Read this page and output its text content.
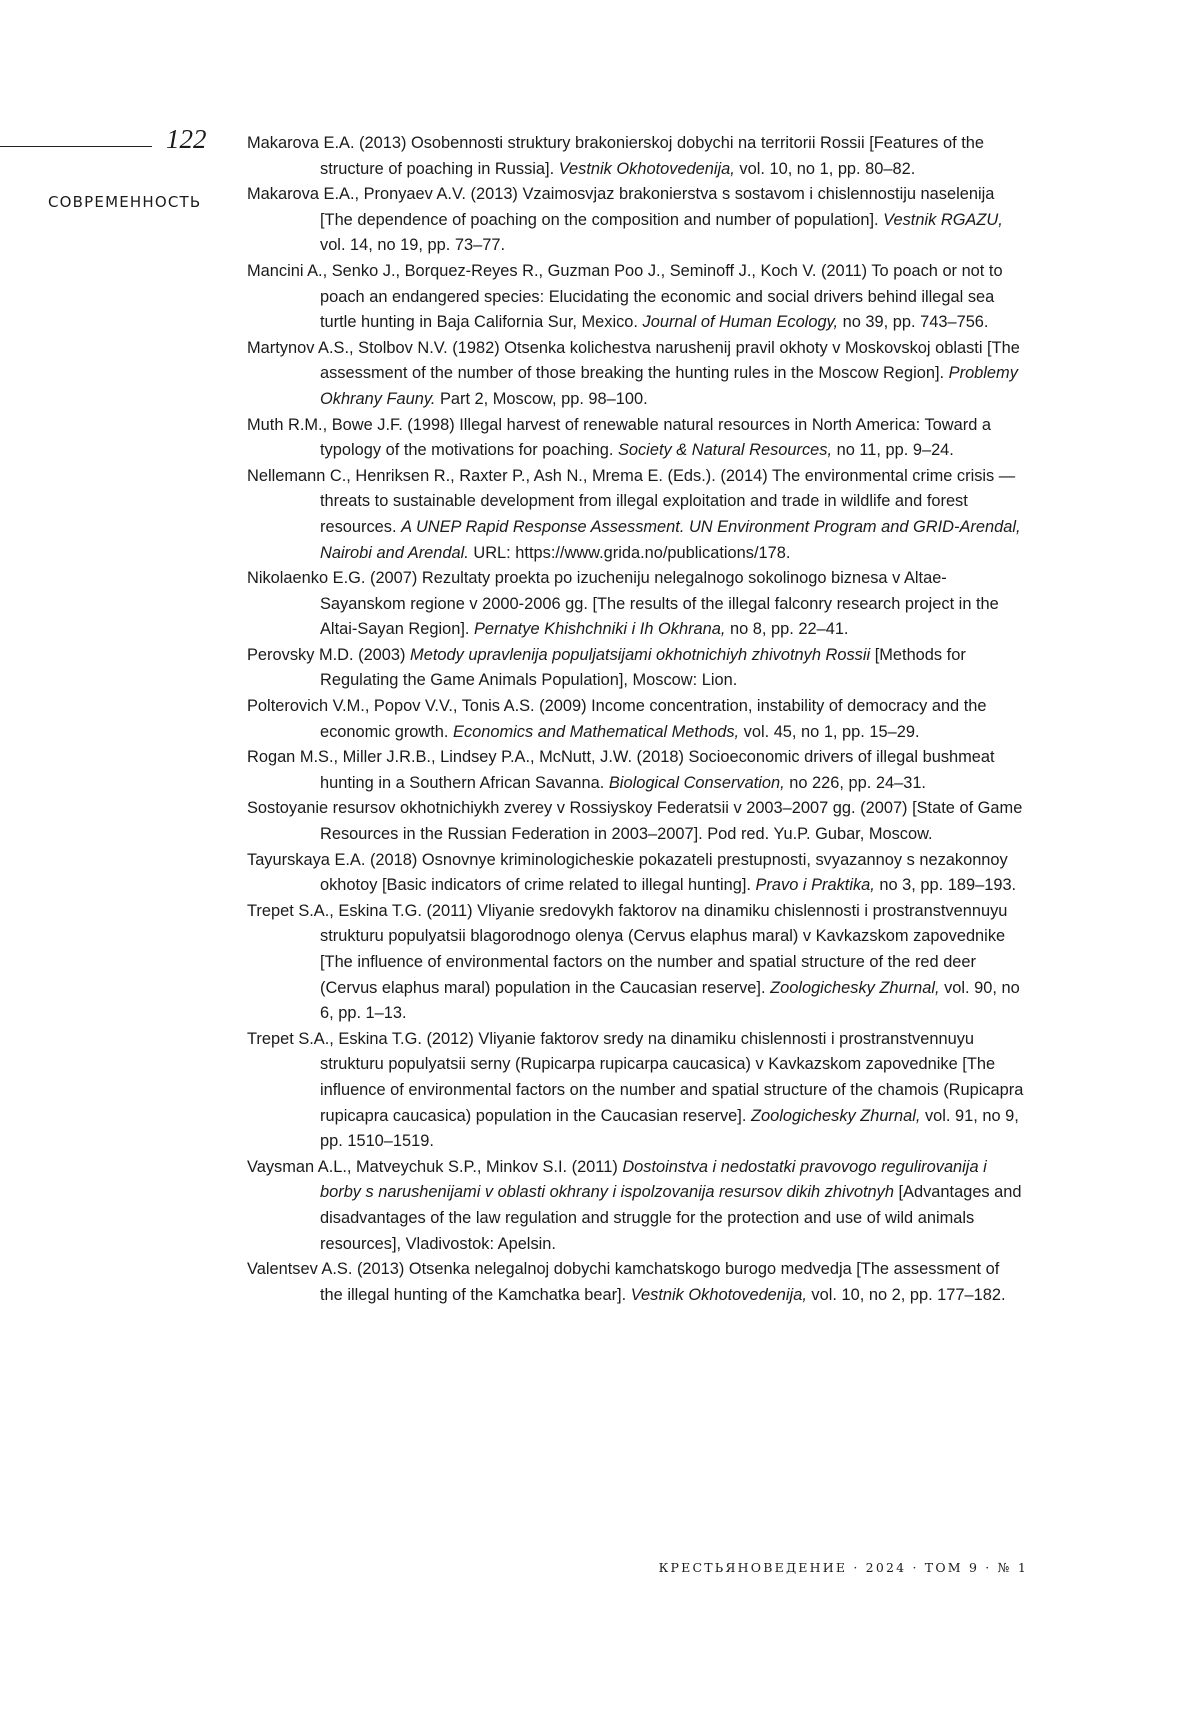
122
СОВРЕМЕННОСТЬ
Makarova E.A. (2013) Osobennosti struktury brakonierskoj dobychi na territorii Rossii [Features of the structure of poaching in Russia]. Vestnik Okhotovedenija, vol. 10, no 1, pp. 80–82.
Makarova E.A., Pronyaev A.V. (2013) Vzaimosvjaz brakonierstva s sostavom i chislennostiju naselenija [The dependence of poaching on the composition and number of population]. Vestnik RGAZU, vol. 14, no 19, pp. 73–77.
Mancini A., Senko J., Borquez-Reyes R., Guzman Poo J., Seminoff J., Koch V. (2011) To poach or not to poach an endangered species: Elucidating the economic and social drivers behind illegal sea turtle hunting in Baja California Sur, Mexico. Journal of Human Ecology, no 39, pp. 743–756.
Martynov A.S., Stolbov N.V. (1982) Otsenka kolichestva narushenij pravil okhoty v Moskovskoj oblasti [The assessment of the number of those breaking the hunting rules in the Moscow Region]. Problemy Okhrany Fauny. Part 2, Moscow, pp. 98–100.
Muth R.M., Bowe J.F. (1998) Illegal harvest of renewable natural resources in North America: Toward a typology of the motivations for poaching. Society & Natural Resources, no 11, pp. 9–24.
Nellemann C., Henriksen R., Raxter P., Ash N., Mrema E. (Eds.). (2014) The environmental crime crisis — threats to sustainable development from illegal exploitation and trade in wildlife and forest resources. A UNEP Rapid Response Assessment. UN Environment Program and GRID-Arendal, Nairobi and Arendal. URL: https://www.grida.no/publications/178.
Nikolaenko E.G. (2007) Rezultaty proekta po izucheniju nelegalnogo sokolinogo biznesa v Altae-Sayanskom regione v 2000-2006 gg. [The results of the illegal falconry research project in the Altai-Sayan Region]. Pernatye Khishchniki i Ih Okhrana, no 8, pp. 22–41.
Perovsky M.D. (2003) Metody upravlenija populjatsijami okhotnichiyh zhivotnyh Rossii [Methods for Regulating the Game Animals Population], Moscow: Lion.
Polterovich V.M., Popov V.V., Tonis A.S. (2009) Income concentration, instability of democracy and the economic growth. Economics and Mathematical Methods, vol. 45, no 1, pp. 15–29.
Rogan M.S., Miller J.R.B., Lindsey P.A., McNutt, J.W. (2018) Socioeconomic drivers of illegal bushmeat hunting in a Southern African Savanna. Biological Conservation, no 226, pp. 24–31.
Sostoyanie resursov okhotnichiykh zverey v Rossiyskoy Federatsii v 2003–2007 gg. (2007) [State of Game Resources in the Russian Federation in 2003–2007]. Pod red. Yu.P. Gubar, Moscow.
Tayurskaya E.A. (2018) Osnovnye kriminologicheskie pokazateli prestupnosti, svyazannoy s nezakonnoy okhotoy [Basic indicators of crime related to illegal hunting]. Pravo i Praktika, no 3, pp. 189–193.
Trepet S.A., Eskina T.G. (2011) Vliyanie sredovykh faktorov na dinamiku chislennosti i prostranstvennuyu strukturu populyatsii blagorodnogo olenya (Cervus elaphus maral) v Kavkazskom zapovednike [The influence of environmental factors on the number and spatial structure of the red deer (Cervus elaphus maral) population in the Caucasian reserve]. Zoologichesky Zhurnal, vol. 90, no 6, pp. 1–13.
Trepet S.A., Eskina T.G. (2012) Vliyanie faktorov sredy na dinamiku chislennosti i prostranstvennuyu strukturu populyatsii serny (Rupicarpa rupicarpa caucasica) v Kavkazskom zapovednike [The influence of environmental factors on the number and spatial structure of the chamois (Rupicapra rupicapra caucasica) population in the Caucasian reserve]. Zoologichesky Zhurnal, vol. 91, no 9, pp. 1510–1519.
Vaysman A.L., Matveychuk S.P., Minkov S.I. (2011) Dostoinstva i nedostatki pravovogo regulirovanija i borby s narushenijami v oblasti okhrany i ispolzovanija resursov dikih zhivotnyh [Advantages and disadvantages of the law regulation and struggle for the protection and use of wild animals resources], Vladivostok: Apelsin.
Valentsev A.S. (2013) Otsenka nelegalnoj dobychi kamchatskogo burogo medvedja [The assessment of the illegal hunting of the Kamchatka bear]. Vestnik Okhotovedenija, vol. 10, no 2, pp. 177–182.
КРЕСТЬЯНОВЕДЕНИЕ · 2024 · ТОМ 9 · № 1
